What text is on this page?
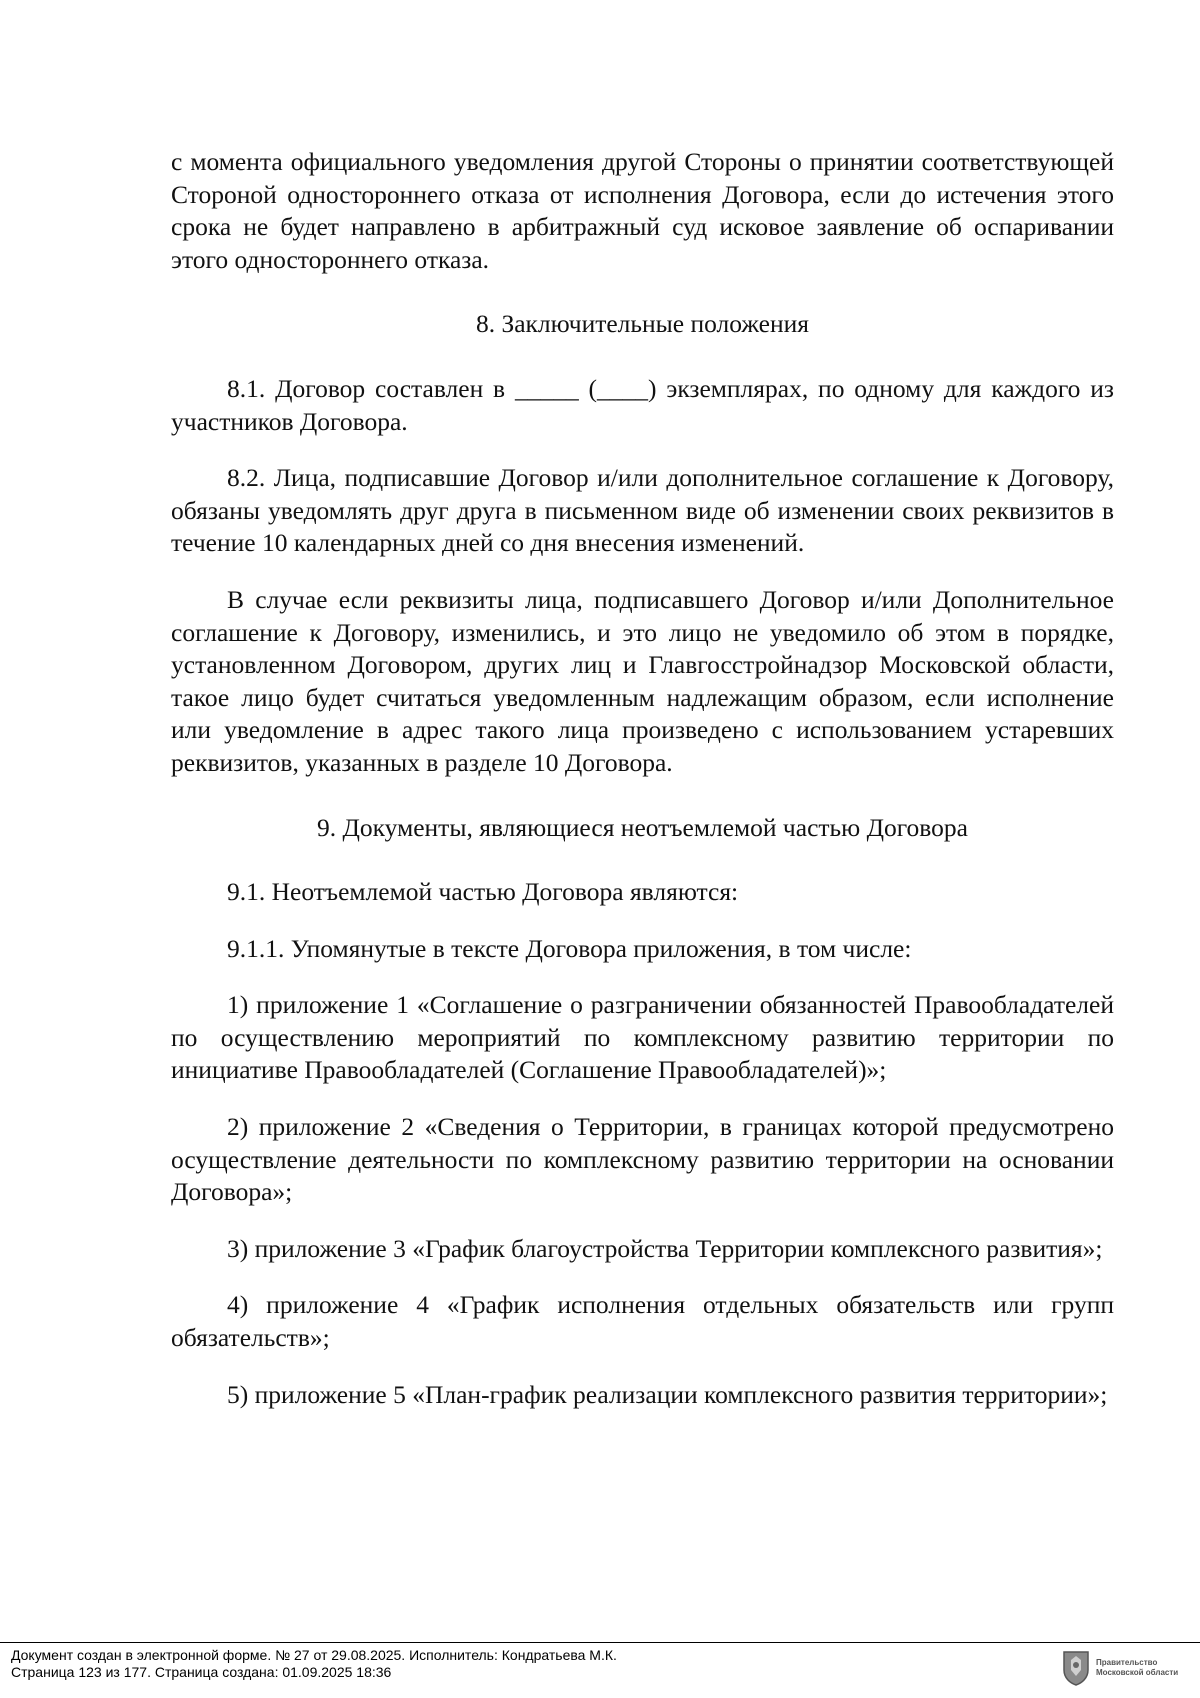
с момента официального уведомления другой Стороны о принятии соответствующей Стороной одностороннего отказа от исполнения Договора, если до истечения этого срока не будет направлено в арбитражный суд исковое заявление об оспаривании этого одностороннего отказа.

8. Заключительные положения

8.1. Договор составлен в _____ (____) экземплярах, по одному для каждого из участников Договора.

8.2. Лица, подписавшие Договор и/или дополнительное соглашение к Договору, обязаны уведомлять друг друга в письменном виде об изменении своих реквизитов в течение 10 календарных дней со дня внесения изменений.

В случае если реквизиты лица, подписавшего Договор и/или Дополнительное соглашение к Договору, изменились, и это лицо не уведомило об этом в порядке, установленном Договором, других лиц и Главгосстройнадзор Московской области, такое лицо будет считаться уведомленным надлежащим образом, если исполнение или уведомление в адрес такого лица произведено с использованием устаревших реквизитов, указанных в разделе 10 Договора.

9. Документы, являющиеся неотъемлемой частью Договора

9.1. Неотъемлемой частью Договора являются:

9.1.1. Упомянутые в тексте Договора приложения, в том числе:

1) приложение 1 «Соглашение о разграничении обязанностей Правообладателей по осуществлению мероприятий по комплексному развитию территории по инициативе Правообладателей (Соглашение Правообладателей)»;

2) приложение 2 «Сведения о Территории, в границах которой предусмотрено осуществление деятельности по комплексному развитию территории на основании Договора»;

3) приложение 3 «График благоустройства Территории комплексного развития»;

4) приложение 4 «График исполнения отдельных обязательств или групп обязательств»;

5) приложение 5 «План-график реализации комплексного развития территории»;

Документ создан в электронной форме. № 27 от 29.08.2025. Исполнитель: Кондратьева М.К.
Страница 123 из 177. Страница создана: 01.09.2025 18:36
Правительство
Московской области
